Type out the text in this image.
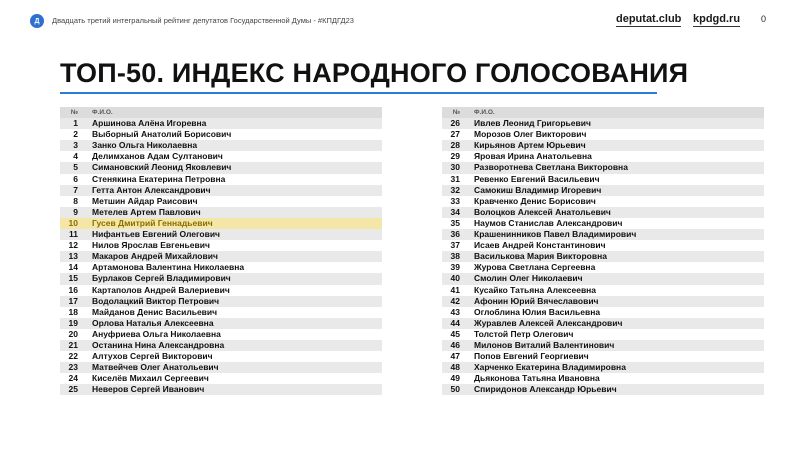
Д Двадцать третий интегральный рейтинг депутатов Государственной Думы - #КПДГД23	deputat.club kpdgd.ru 0
ТОП-50. ИНДЕКС НАРОДНОГО ГОЛОСОВАНИЯ
№	Ф.И.О.
1	Аршинова Алёна Игоревна
2	Выборный Анатолий Борисович
3	Занко Ольга Николаевна
4	Делимханов Адам Султанович
5	Симановский Леонид Яковлевич
6	Стенякина Екатерина Петровна
7	Гетта Антон Александрович
8	Метшин Айдар Раисович
9	Метелев Артем Павлович
10	Гусев Дмитрий Геннадьевич
11	Нифантьев Евгений Олегович
12	Нилов Ярослав Евгеньевич
13	Макаров Андрей Михайлович
14	Артамонова Валентина Николаевна
15	Бурлаков Сергей Владимирович
16	Картаполов Андрей Валериевич
17	Водолацкий Виктор Петрович
18	Майданов Денис Васильевич
19	Орлова Наталья Алексеевна
20	Ануфриева Ольга Николаевна
21	Останина Нина Александровна
22	Алтухов Сергей Викторович
23	Матвейчев Олег Анатольевич
24	Киселёв Михаил Сергеевич
25	Неверов Сергей Иванович
№	Ф.И.О.
26	Ивлев Леонид Григорьевич
27	Морозов Олег Викторович
28	Кирьянов Артем Юрьевич
29	Яровая Ирина Анатольевна
30	Разворотнева Светлана Викторовна
31	Ревенко Евгений Васильевич
32	Самокиш Владимир Игоревич
33	Кравченко Денис Борисович
34	Волоцков Алексей Анатольевич
35	Наумов Станислав Александрович
36	Крашенинников Павел Владимирович
37	Исаев Андрей Константинович
38	Василькова Мария Викторовна
39	Журова Светлана Сергеевна
40	Смолин Олег Николаевич
41	Кусайко Татьяна Алексеевна
42	Афонин Юрий Вячеславович
43	Оглоблина Юлия Васильевна
44	Журавлев Алексей Александрович
45	Толстой Петр Олегович
46	Милонов Виталий Валентинович
47	Попов Евгений Георгиевич
48	Харченко Екатерина Владимировна
49	Дьяконова Татьяна Ивановна
50	Спиридонов Александр Юрьевич
